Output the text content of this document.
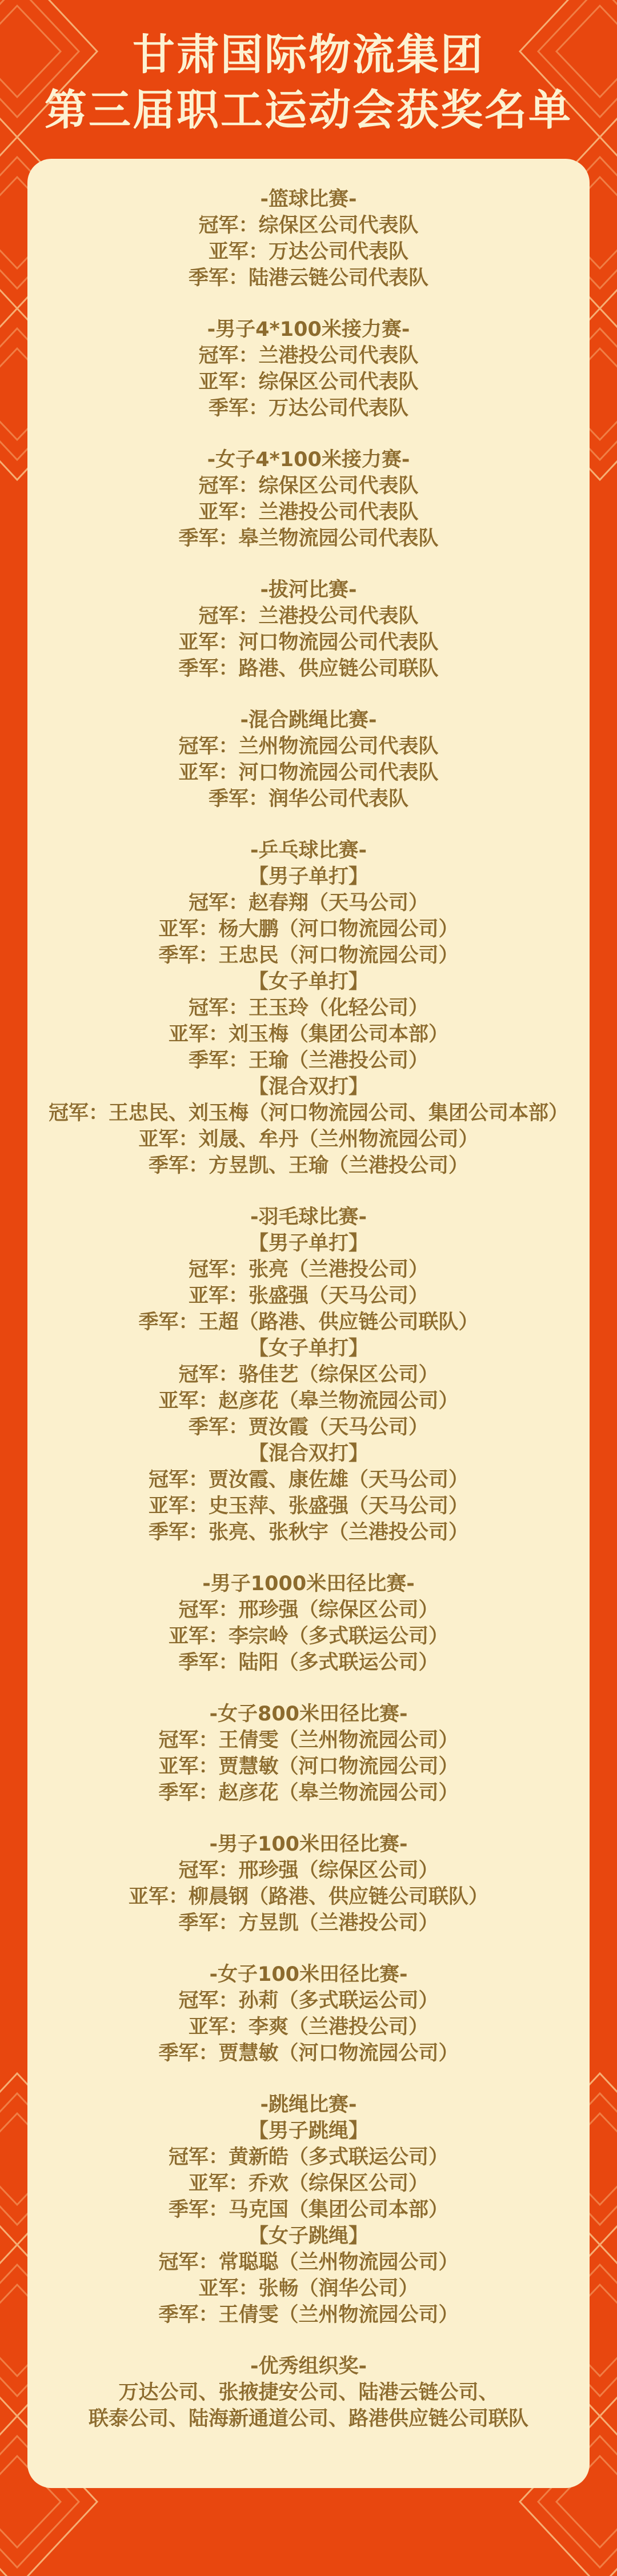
甘肃国际物流集团
第三届职工运动会获奖名单
-篮球比赛-

冠军：综保区公司代表队

亚军：万达公司代表队

季军：陆港云链公司代表队

-男子4*100米接力赛-

冠军：兰港投公司代表队

亚军：综保区公司代表队

季军：万达公司代表队

-女子4*100米接力赛-

冠军：综保区公司代表队

亚军：兰港投公司代表队

季军：皋兰物流园公司代表队

-拔河比赛-

冠军：兰港投公司代表队

亚军：河口物流园公司代表队

季军：路港、供应链公司联队

-混合跳绳比赛-

冠军：兰州物流园公司代表队

亚军：河口物流园公司代表队

季军：润华公司代表队

-乒乓球比赛-

【男子单打】

冠军：赵春翔（天马公司）

亚军：杨大鹏（河口物流园公司）

季军：王忠民（河口物流园公司）

【女子单打】

冠军：王玉玲（化轻公司）

亚军：刘玉梅（集团公司本部）

季军：王瑜（兰港投公司）

【混合双打】

冠军：王忠民、刘玉梅（河口物流园公司、集团公司本部）

亚军：刘晟、牟丹（兰州物流园公司）

季军：方昱凯、王瑜（兰港投公司）

-羽毛球比赛-

【男子单打】

冠军：张亮（兰港投公司）

亚军：张盛强（天马公司）

季军：王超（路港、供应链公司联队）

【女子单打】

冠军：骆佳艺（综保区公司）

亚军：赵彦花（皋兰物流园公司）

季军：贾汝霞（天马公司）

【混合双打】

冠军：贾汝霞、康佐雄（天马公司）

亚军：史玉萍、张盛强（天马公司）

季军：张亮、张秋宇（兰港投公司）

-男子1000米田径比赛-

冠军：邢珍强（综保区公司）

亚军：李宗岭（多式联运公司）

季军：陆阳（多式联运公司）

-女子800米田径比赛-

冠军：王倩雯（兰州物流园公司）

亚军：贾慧敏（河口物流园公司）

季军：赵彦花（皋兰物流园公司）

-男子100米田径比赛-

冠军：邢珍强（综保区公司）

亚军：柳晨钢（路港、供应链公司联队）

季军：方昱凯（兰港投公司）

-女子100米田径比赛-

冠军：孙莉（多式联运公司）

亚军：李爽（兰港投公司）

季军：贾慧敏（河口物流园公司）

-跳绳比赛-

【男子跳绳】

冠军：黄新皓（多式联运公司）

亚军：乔欢（综保区公司）

季军：马克国（集团公司本部）

【女子跳绳】

冠军：常聪聪（兰州物流园公司）

亚军：张畅（润华公司）

季军：王倩雯（兰州物流园公司）

-优秀组织奖-

万达公司、张掖捷安公司、陆港云链公司、

联泰公司、陆海新通道公司、路港供应链公司联队
